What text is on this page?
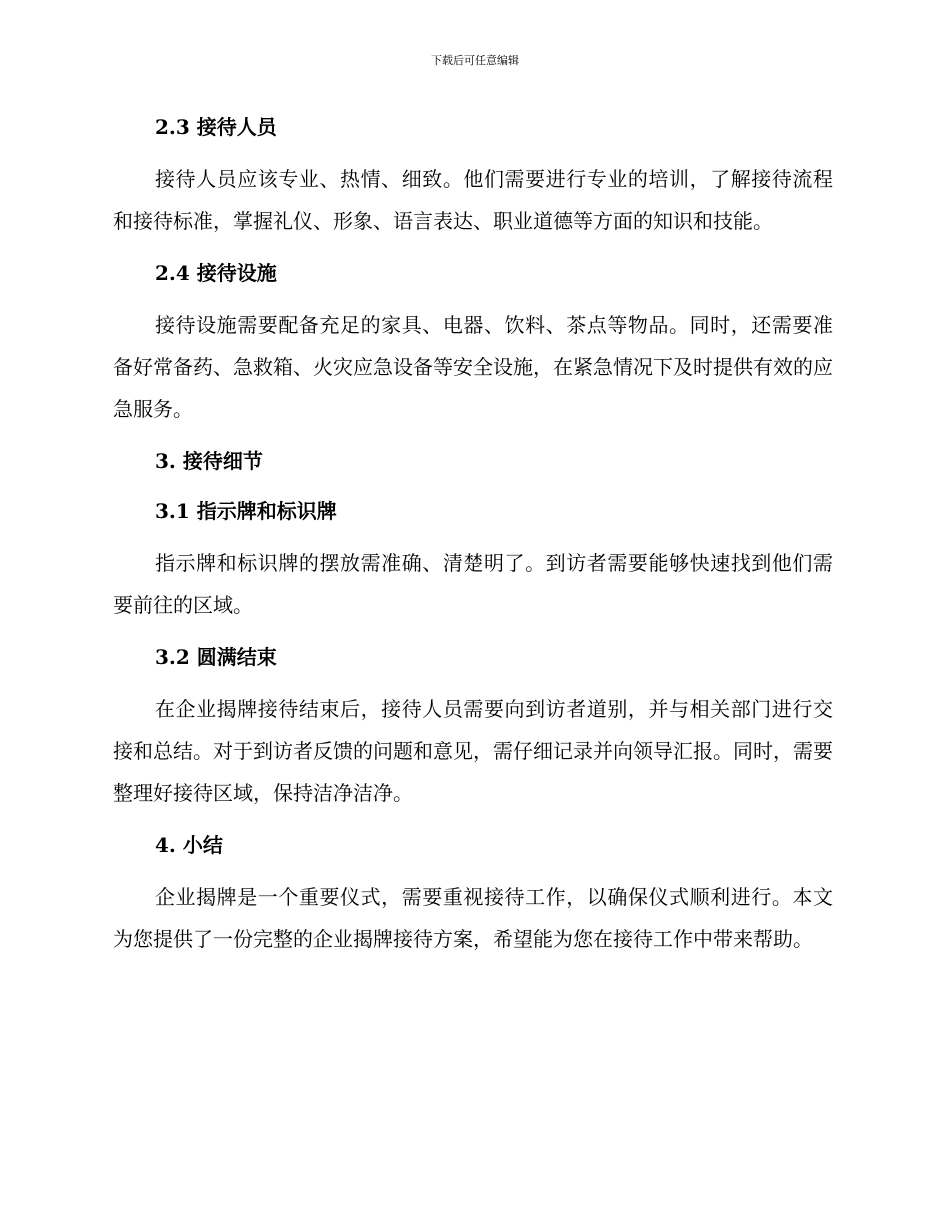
下载后可任意编辑
2.3 接待人员

接待人员应该专业、热情、细致。他们需要进行专业的培训，了解接待流程和接待标准，掌握礼仪、形象、语言表达、职业道德等方面的知识和技能。

2.4 接待设施

接待设施需要配备充足的家具、电器、饮料、茶点等物品。同时，还需要准备好常备药、急救箱、火灾应急设备等安全设施，在紧急情况下及时提供有效的应急服务。

3. 接待细节
3.1 指示牌和标识牌

指示牌和标识牌的摆放需准确、清楚明了。到访者需要能够快速找到他们需要前往的区域。

3.2 圆满结束

在企业揭牌接待结束后，接待人员需要向到访者道别，并与相关部门进行交接和总结。对于到访者反馈的问题和意见，需仔细记录并向领导汇报。同时，需要整理好接待区域，保持洁净洁净。

4. 小结

企业揭牌是一个重要仪式，需要重视接待工作，以确保仪式顺利进行。本文为您提供了一份完整的企业揭牌接待方案，希望能为您在接待工作中带来帮助。
